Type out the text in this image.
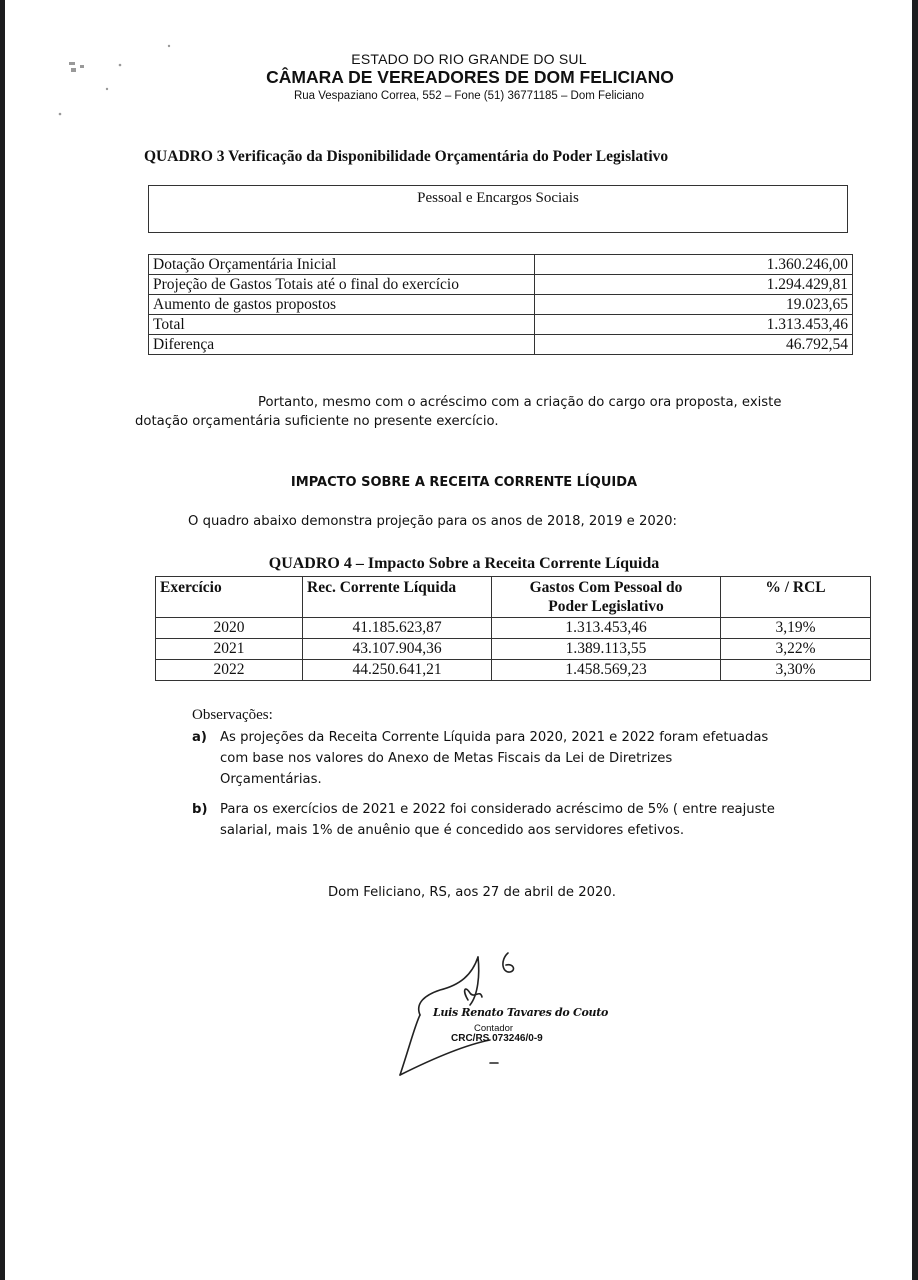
ESTADO DO RIO GRANDE DO SUL
CÂMARA DE VEREADORES DE DOM FELICIANO
Rua Vespaziano Correa, 552 – Fone (51) 36771185 – Dom Feliciano
QUADRO 3 Verificação da Disponibilidade Orçamentária do Poder Legislativo
Pessoal e Encargos Sociais
Dotação Orçamentária Inicial	1.360.246,00
Projeção de Gastos Totais até o final do exercício	1.294.429,81
Aumento de gastos propostos	19.023,65
Total	1.313.453,46
Diferença	46.792,54
Portanto, mesmo com o acréscimo com a criação do cargo ora proposta, existe
dotação orçamentária suficiente no presente exercício.
IMPACTO SOBRE A RECEITA CORRENTE LÍQUIDA
O quadro abaixo demonstra projeção para os anos de 2018, 2019 e 2020:
QUADRO 4 – Impacto Sobre a Receita Corrente Líquida
Exercício	Rec. Corrente Líquida	Gastos Com Pessoal do
Poder Legislativo	% / RCL
2020	41.185.623,87	1.313.453,46	3,19%
2021	43.107.904,36	1.389.113,55	3,22%
2022	44.250.641,21	1.458.569,23	3,30%
Observações:
a) As projeções da Receita Corrente Líquida para 2020, 2021 e 2022 foram efetuadas
com base nos valores do Anexo de Metas Fiscais da Lei de Diretrizes
Orçamentárias.
b) Para os exercícios de 2021 e 2022 foi considerado acréscimo de 5% ( entre reajuste
salarial, mais 1% de anuênio que é concedido aos servidores efetivos.
Dom Feliciano, RS, aos 27 de abril de 2020.
Luis Renato Tavares do Couto
Contador
CRC/RS 073246/0-9
